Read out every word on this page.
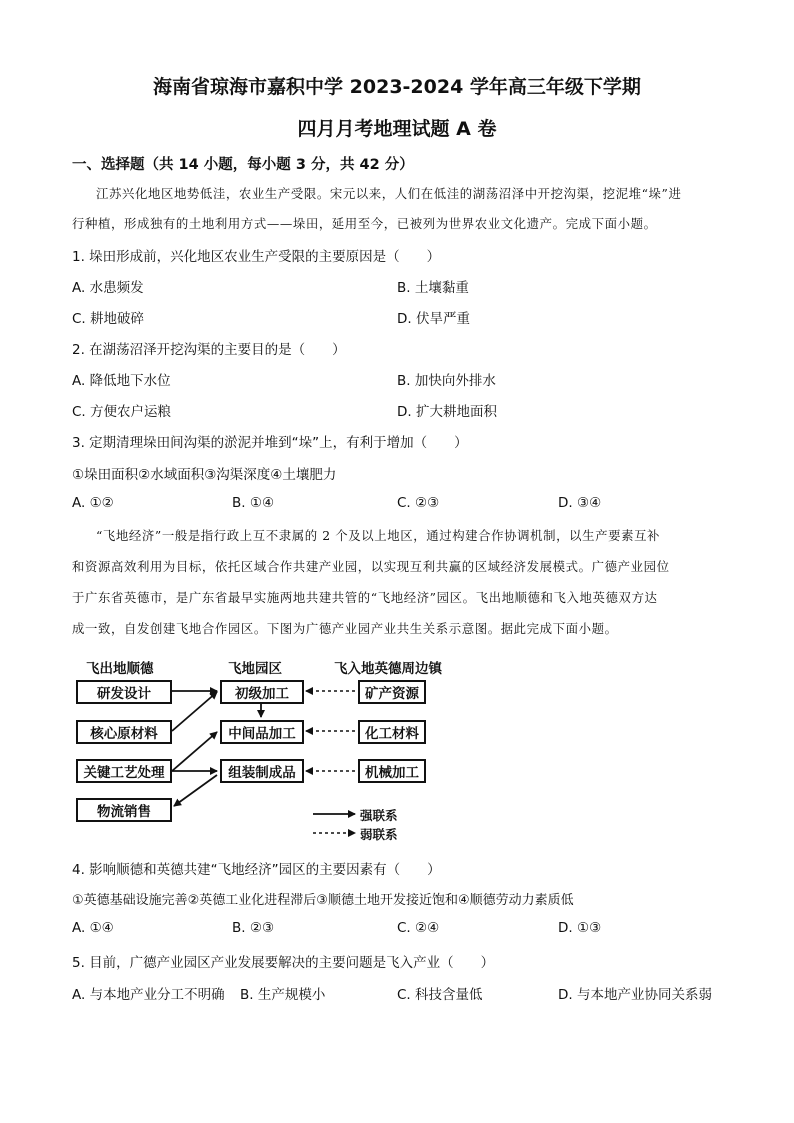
海南省琼海市嘉积中学 2023-2024 学年高三年级下学期
四月月考地理试题 A 卷
一、选择题（共 14 小题，每小题 3 分，共 42 分）
江苏兴化地区地势低洼，农业生产受限。宋元以来，人们在低洼的湖荡沼泽中开挖沟渠，挖泥堆“垛”进
行种植，形成独有的土地利用方式——垛田，延用至今，已被列为世界农业文化遗产。完成下面小题。
1. 垛田形成前，兴化地区农业生产受限的主要原因是（　　）
A. 水患频发	B. 土壤黏重
C. 耕地破碎	D. 伏旱严重
2. 在湖荡沼泽开挖沟渠的主要目的是（　　）
A. 降低地下水位	B. 加快向外排水
C. 方便农户运粮	D. 扩大耕地面积
3. 定期清理垛田间沟渠的淤泥并堆到“垛”上，有利于增加（　　）
①垛田面积②水域面积③沟渠深度④土壤肥力
A. ①②	B. ①④	C. ②③	D. ③④
“飞地经济”一般是指行政上互不隶属的 2 个及以上地区，通过构建合作协调机制，以生产要素互补
和资源高效利用为目标，依托区域合作共建产业园，以实现互利共赢的区域经济发展模式。广德产业园位
于广东省英德市，是广东省最早实施两地共建共管的“飞地经济”园区。飞出地顺德和飞入地英德双方达
成一致，自发创建飞地合作园区。下图为广德产业园产业共生关系示意图。据此完成下面小题。
飞出地顺德	飞地园区	飞入地英德周边镇
研发设计
核心原材料
关键工艺处理
物流销售
初级加工
中间品加工
组装制成品
矿产资源
化工材料
机械加工
强联系
弱联系
4. 影响顺德和英德共建“飞地经济”园区的主要因素有（　　）
①英德基础设施完善②英德工业化进程滞后③顺德土地开发接近饱和④顺德劳动力素质低
A. ①④	B. ②③	C. ②④	D. ①③
5. 目前，广德产业园区产业发展要解决的主要问题是飞入产业（　　）
A. 与本地产业分工不明确 B. 生产规模小	C. 科技含量低	D. 与本地产业协同关系弱
